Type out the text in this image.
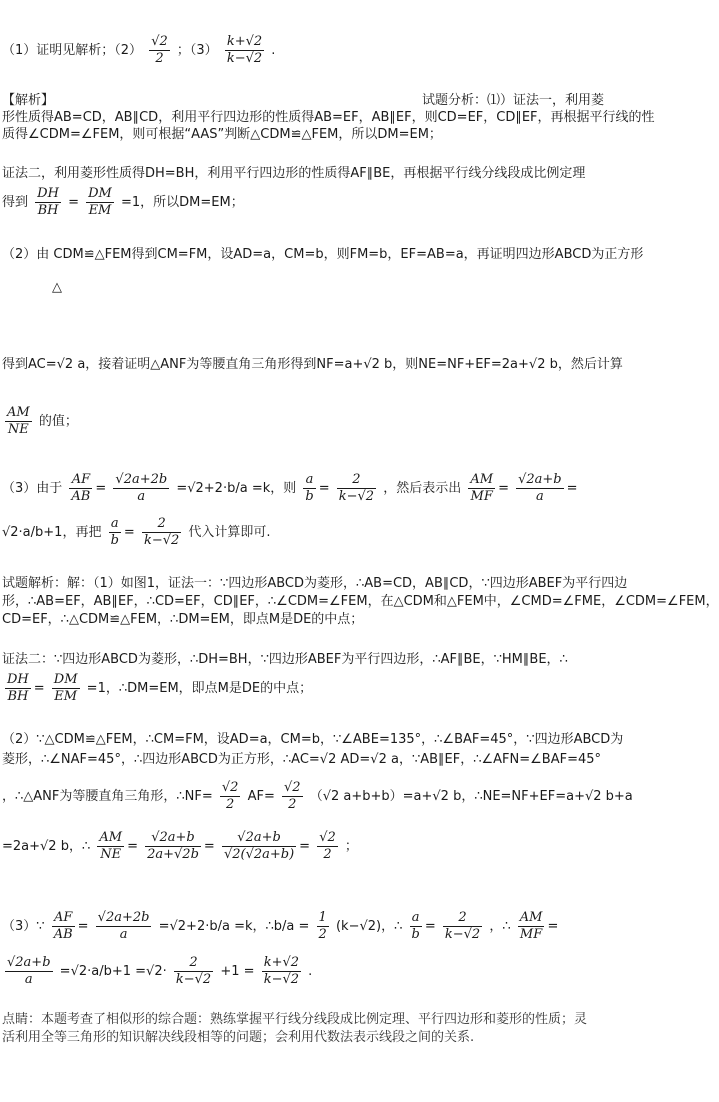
（1）证明见解析；$(2) \frac{√2}{2}$ ；$(3) \frac{k+√2}{k-√2}$ .
【解析】	试题分析：⑴）证法一，利用菱
形性质得AB=CD，AB∥CD，利用平行四边形的性质得AB=EF，AB∥EF，则CD=EF，CD∥EF，再根据平行线的性
质得∠CDM=∠FEM，则可根据“AAS”判断△CDM≌△FEM，所以DM=EM；
证法二，利用菱形性质得DH=BH，利用平行四边形的性质得AF∥BE，再根据平行线分线段成比例定理
得到 $\frac{DH}{BH} = \frac{DM}{EM} =1$，所以DM=EM；
（2）由 CDM≌△FEM得到CM=FM，设AD=a，CM=b，则FM=b，EF=AB=a，再证明四边形ABCD为正方形
△
得到AC=√2 a，接着证明△ANF为等腰直角三角形得到NF=a+√2 b，则NE=NF+EF=2a+√2 b，然后计算
$\frac{AM}{NE}$ 的值；
（3）由于 $\frac{AF}{AB} = \frac{√2a+2b}{a} =√2+2\cdot b/a =k$，则 $\frac{a}{b} = \frac{2}{k-√2}$ ，然后表示出 $\frac{AM}{MF} = \frac{√2a+b}{a}$ =
√2·a/b+1，再把 $\frac{a}{b} = \frac{2}{k-√2}$ 代入计算即可.
试题解析：解：（1）如图1，证法一：∵四边形ABCD为菱形，∴AB=CD，AB∥CD，∵四边形ABEF为平行四边
形，∴AB=EF，AB∥EF，∴CD=EF，CD∥EF，∴∠CDM=∠FEM，在△CDM和△FEM中，∠CMD=∠FME，∠CDM=∠FEM，
CD=EF，∴△CDM≌△FEM，∴DM=EM，即点M是DE的中点；
证法二：∵四边形ABCD为菱形，∴DH=BH，∵四边形ABEF为平行四边形，∴AF∥BE，∵HM∥BE，∴
$\frac{DH}{BH} = \frac{DM}{EM} =1$，∴DM=EM，即点M是DE的中点；
（2）∵△CDM≌△FEM，∴CM=FM，设AD=a，CM=b，∵∠ABE=135°，∴∠BAF=45°，∵四边形ABCD为
菱形，∴∠NAF=45°，∴四边形ABCD为正方形，∴AC=√2 AD=√2 a，∵AB∥EF，∴∠AFN=∠BAF=45°
，∴△ANF为等腰直角三角形，∴NF= $\frac{√2}{2} AF= \frac{√2}{2} (√2$ a+b+b）=a+√2 b，∴NE=NF+EF=a+√2 b+a
=2a+√2 b，∴ $\frac{AM}{NE} = \frac{√2a+b}{2a+√2b} = \frac{√2a+b}{√2(√2a+b)} = \frac{√2}{2}$ ；
（3）∵ $\frac{AF}{AB} = \frac{√2a+2b}{a} =√2+2\cdot b/a =k$，∴b/a = $\frac{1}{2} (k-√2)$，∴ $\frac{a}{b} = \frac{2}{k-√2}$ ，∴ $\frac{AM}{MF}$ =
$\frac{√2a+b}{a} =√2\cdot a/b+1 =√2\cdot \frac{2}{k-√2} +1 = \frac{k+√2}{k-√2}$ .
点睛：本题考查了相似形的综合题：熟练掌握平行线分线段成比例定理、平行四边形和菱形的性质；灵
活利用全等三角形的知识解决线段相等的问题；会利用代数法表示线段之间的关系.
